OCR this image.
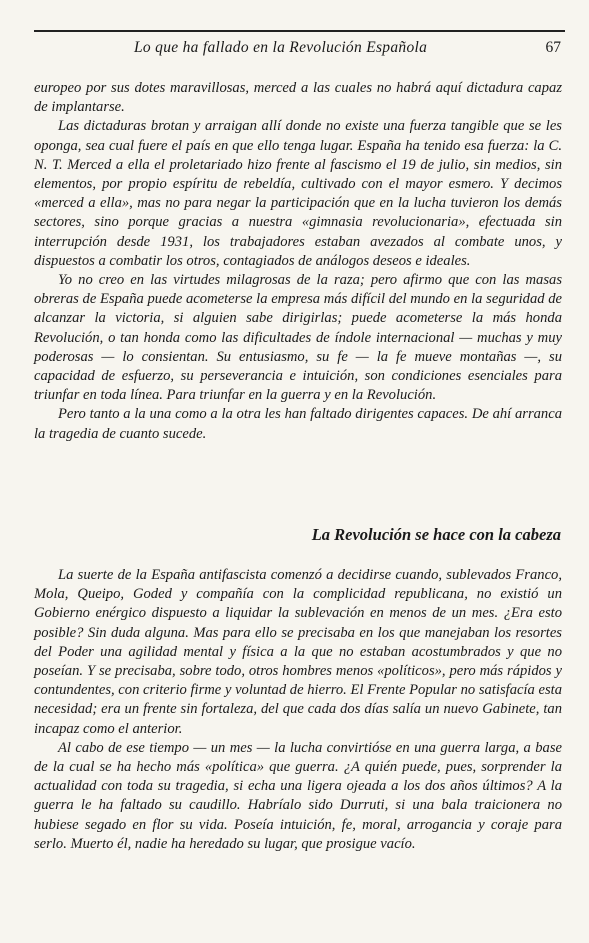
Lo que ha fallado en la Revolución Española	67

europeo por sus dotes maravillosas, merced a las cuales no habrá aquí dictadura capaz de implantarse.

Las dictaduras brotan y arraigan allí donde no existe una fuerza tangible que se les oponga, sea cual fuere el país en que ello tenga lugar. España ha tenido esa fuerza: la C. N. T. Merced a ella el proletariado hizo frente al fascismo el 19 de julio, sin medios, sin elementos, por propio espíritu de rebeldía, cultivado con el mayor esmero. Y decimos «merced a ella», mas no para negar la participación que en la lucha tuvieron los demás sectores, sino porque gracias a nuestra «gimnasia revolucionaria», efectuada sin interrupción desde 1931, los trabajadores estaban avezados al combate unos, y dispuestos a combatir los otros, contagiados de análogos deseos e ideales.

Yo no creo en las virtudes milagrosas de la raza; pero afirmo que con las masas obreras de España puede acometerse la empresa más difícil del mundo en la seguridad de alcanzar la victoria, si alguien sabe dirigirlas; puede acometerse la más honda Revolución, o tan honda como las dificultades de índole internacional — muchas y muy poderosas — lo consientan. Su entusiasmo, su fe — la fe mueve montañas —, su capacidad de esfuerzo, su perseverancia e intuición, son condiciones esenciales para triunfar en toda línea. Para triunfar en la guerra y en la Revolución.

Pero tanto a la una como a la otra les han faltado dirigentes capaces. De ahí arranca la tragedia de cuanto sucede.

La Revolución se hace con la cabeza

La suerte de la España antifascista comenzó a decidirse cuando, sublevados Franco, Mola, Queipo, Goded y compañía con la complicidad republicana, no existió un Gobierno enérgico dispuesto a liquidar la sublevación en menos de un mes. ¿Era esto posible? Sin duda alguna. Mas para ello se precisaba en los que manejaban los resortes del Poder una agilidad mental y física a la que no estaban acostumbrados y que no poseían. Y se precisaba, sobre todo, otros hombres menos «políticos», pero más rápidos y contundentes, con criterio firme y voluntad de hierro. El Frente Popular no satisfacía esta necesidad; era un frente sin fortaleza, del que cada dos días salía un nuevo Gabinete, tan incapaz como el anterior.

Al cabo de ese tiempo — un mes — la lucha convirtióse en una guerra larga, a base de la cual se ha hecho más «política» que guerra. ¿A quién puede, pues, sorprender la actualidad con toda su tragedia, si echa una ligera ojeada a los dos años últimos? A la guerra le ha faltado su caudillo. Habríalo sido Durruti, si una bala traicionera no hubiese segado en flor su vida. Poseía intuición, fe, moral, arrogancia y coraje para serlo. Muerto él, nadie ha heredado su lugar, que prosigue vacío.
